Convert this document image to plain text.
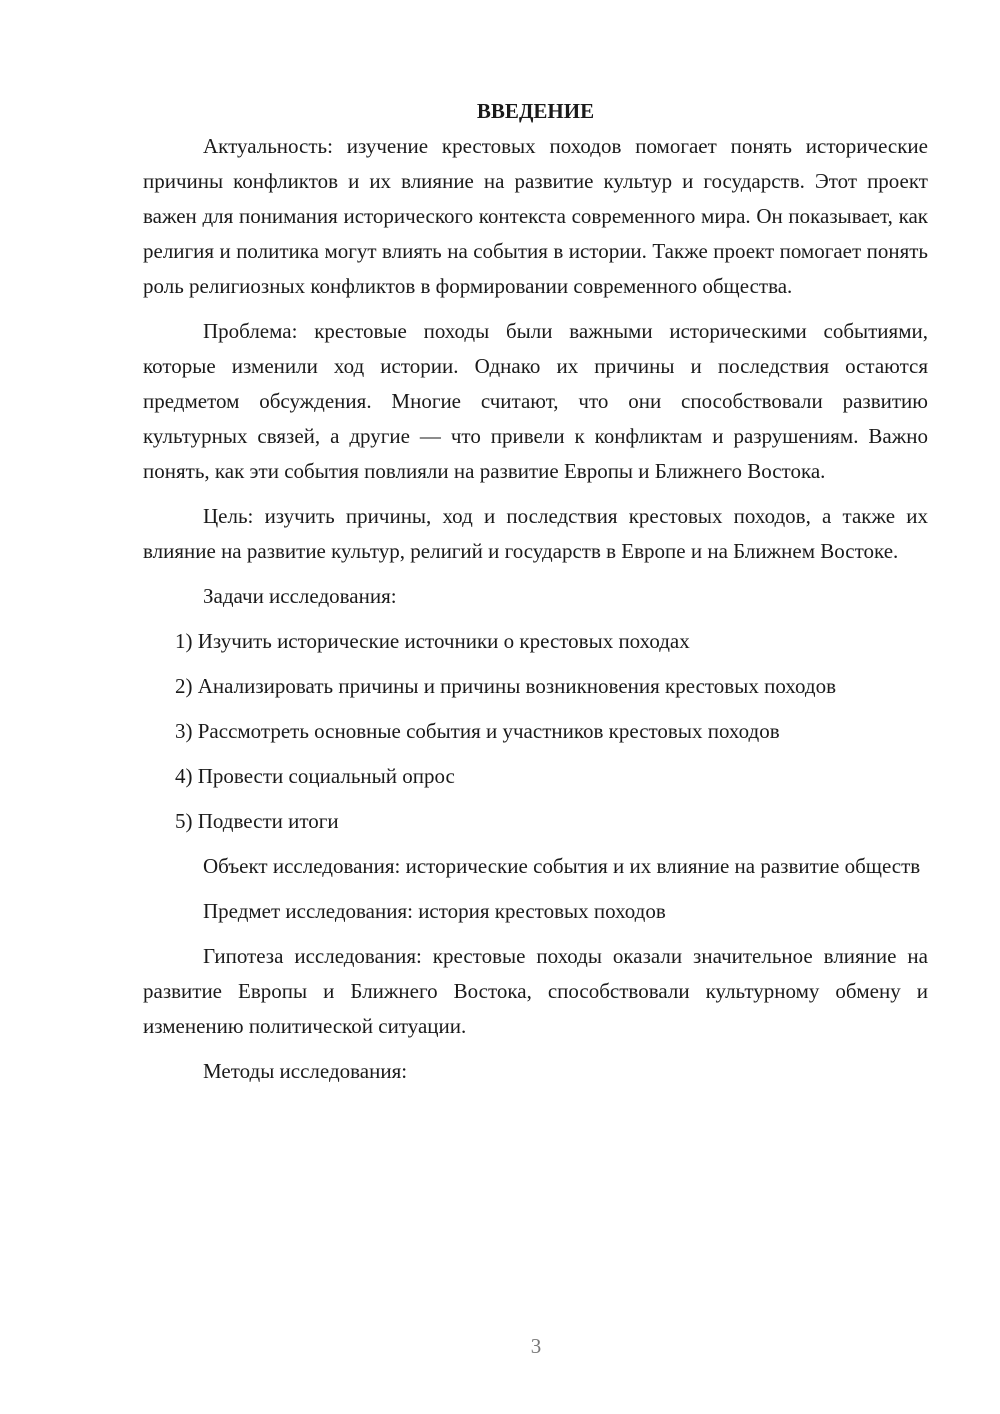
ВВЕДЕНИЕ

Актуальность: изучение крестовых походов помогает понять исторические причины конфликтов и их влияние на развитие культур и государств. Этот проект важен для понимания исторического контекста современного мира. Он показывает, как религия и политика могут влиять на события в истории. Также проект помогает понять роль религиозных конфликтов в формировании современного общества.

Проблема: крестовые походы были важными историческими событиями, которые изменили ход истории. Однако их причины и последствия остаются предметом обсуждения. Многие считают, что они способствовали развитию культурных связей, а другие — что привели к конфликтам и разрушениям. Важно понять, как эти события повлияли на развитие Европы и Ближнего Востока.

Цель: изучить причины, ход и последствия крестовых походов, а также их влияние на развитие культур, религий и государств в Европе и на Ближнем Востоке.

Задачи исследования:

1) Изучить исторические источники о крестовых походах

2) Анализировать причины и причины возникновения крестовых походов

3) Рассмотреть основные события и участников крестовых походов

4) Провести социальный опрос

5) Подвести итоги

Объект исследования: исторические события и их влияние на развитие обществ

Предмет исследования: история крестовых походов

Гипотеза исследования: крестовые походы оказали значительное влияние на развитие Европы и Ближнего Востока, способствовали культурному обмену и изменению политической ситуации.

Методы исследования:

3
